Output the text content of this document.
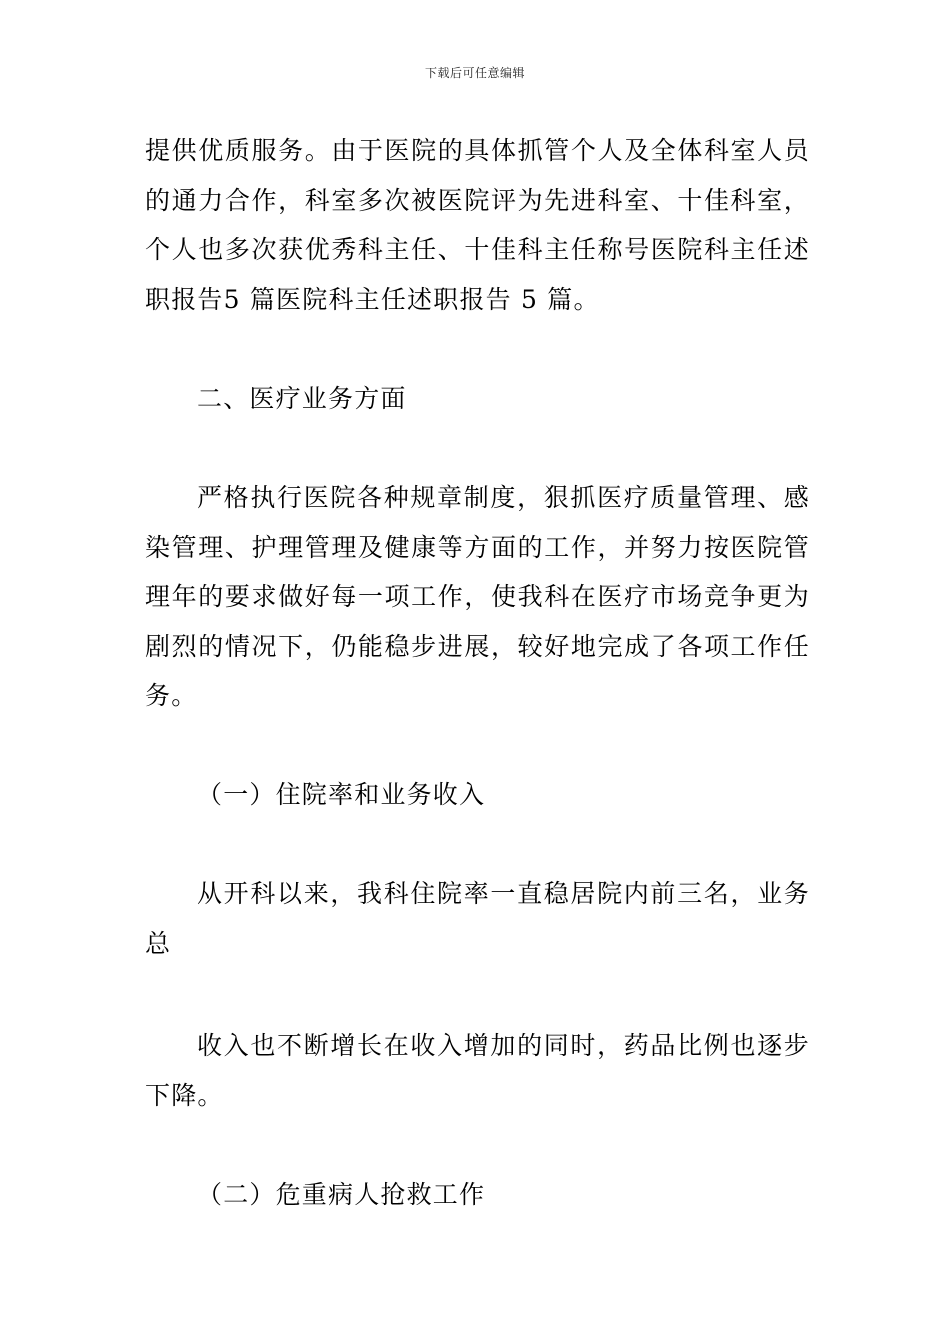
下载后可任意编辑

提供优质服务。由于医院的具体抓管个人及全体科室人员的通力合作，科室多次被医院评为先进科室、十佳科室，个人也多次获优秀科主任、十佳科主任称号医院科主任述职报告5 篇医院科主任述职报告 5 篇。

二、医疗业务方面

严格执行医院各种规章制度，狠抓医疗质量管理、感染管理、护理管理及健康等方面的工作，并努力按医院管理年的要求做好每一项工作，使我科在医疗市场竞争更为剧烈的情况下，仍能稳步进展，较好地完成了各项工作任务。

（一）住院率和业务收入

从开科以来，我科住院率一直稳居院内前三名，业务总

收入也不断增长在收入增加的同时，药品比例也逐步下降。

（二）危重病人抢救工作
